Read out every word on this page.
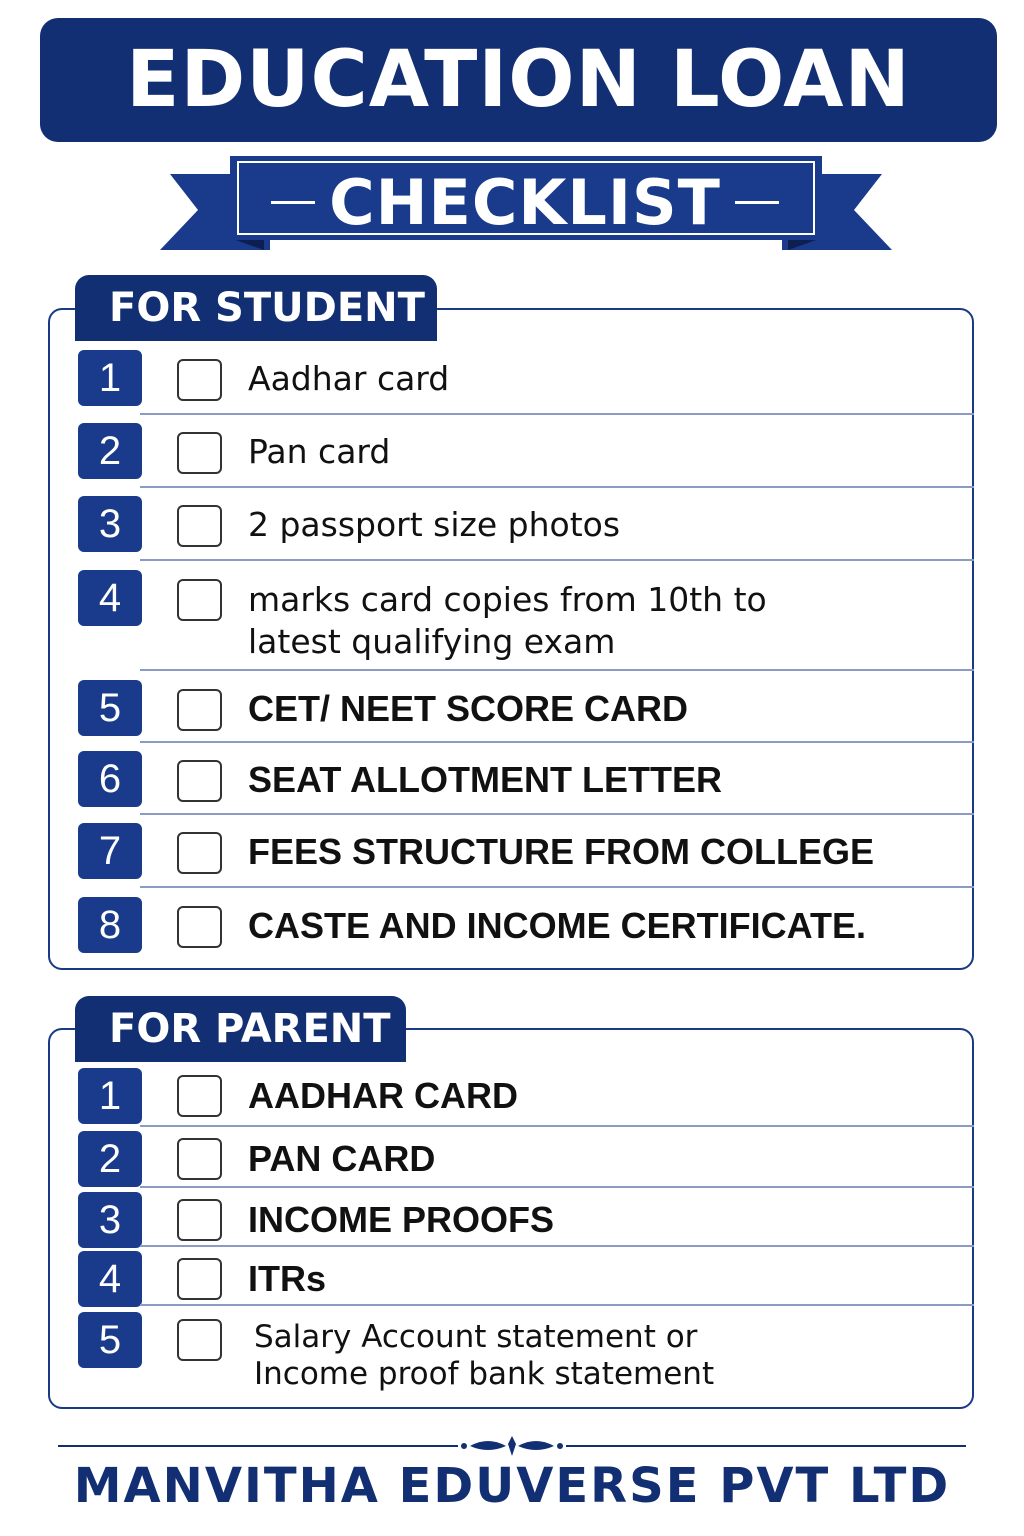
EDUCATION LOAN
CHECKLIST
1	Aadhar card
2	Pan card
3	2 passport size photos
4	marks card copies from 10th to
latest qualifying exam
5	CET/ NEET SCORE CARD
6	SEAT ALLOTMENT LETTER
7	FEES STRUCTURE FROM COLLEGE
8	CASTE AND INCOME CERTIFICATE.
FOR STUDENT
1	AADHAR CARD
2	PAN CARD
3	INCOME PROOFS
4	ITRs
5	Salary Account statement or
Income proof bank statement
FOR PARENT
MANVITHA EDUVERSE PVT LTD
